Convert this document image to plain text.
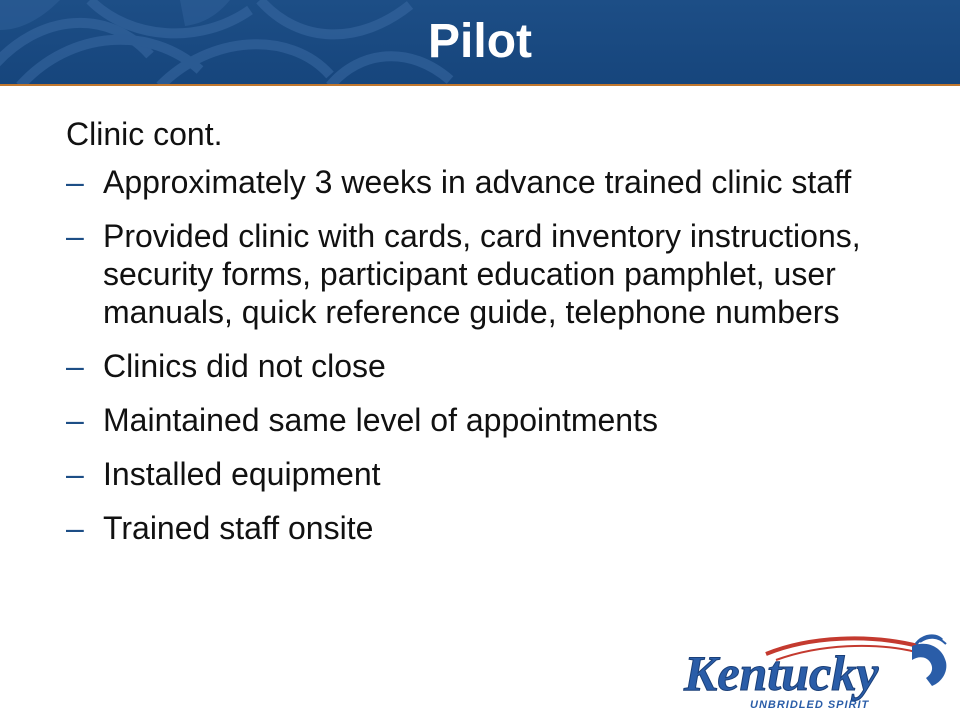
Pilot
Clinic cont.
– Approximately 3 weeks in advance trained clinic staff
– Provided clinic with cards, card inventory instructions, security forms, participant education pamphlet, user manuals, quick reference guide, telephone numbers
– Clinics did not close
– Maintained same level of appointments
– Installed equipment
– Trained staff onsite
Kentucky
UNBRIDLED SPIRIT
